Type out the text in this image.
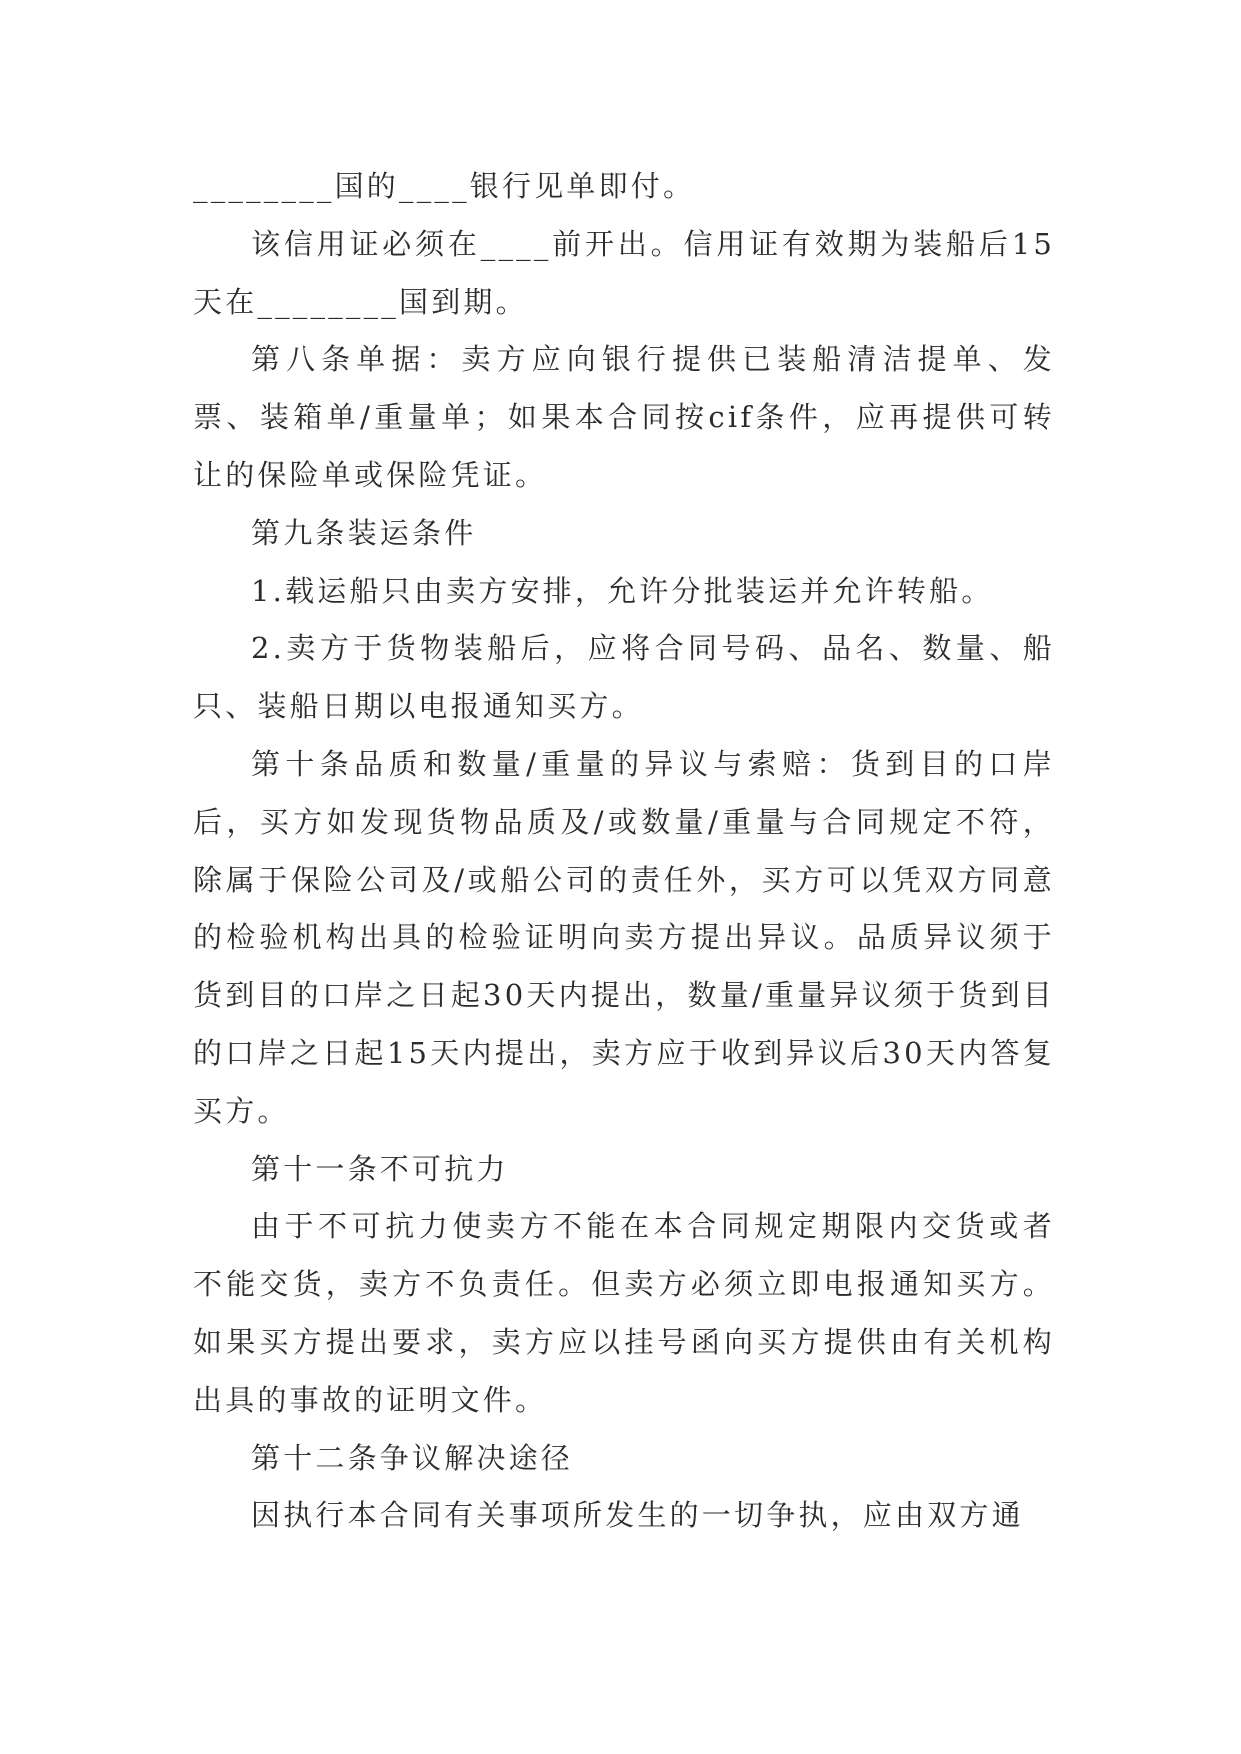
________国的____银行见单即付。

该信用证必须在____前开出。信用证有效期为装船后15天在________国到期。

第八条单据：卖方应向银行提供已装船清洁提单、发票、装箱单/重量单；如果本合同按cif条件，应再提供可转让的保险单或保险凭证。

第九条装运条件

1.载运船只由卖方安排，允许分批装运并允许转船。

2.卖方于货物装船后，应将合同号码、品名、数量、船只、装船日期以电报通知买方。

第十条品质和数量/重量的异议与索赔：货到目的口岸后，买方如发现货物品质及/或数量/重量与合同规定不符，除属于保险公司及/或船公司的责任外，买方可以凭双方同意的检验机构出具的检验证明向卖方提出异议。品质异议须于货到目的口岸之日起30天内提出，数量/重量异议须于货到目的口岸之日起15天内提出，卖方应于收到异议后30天内答复买方。

第十一条不可抗力

由于不可抗力使卖方不能在本合同规定期限内交货或者不能交货，卖方不负责任。但卖方必须立即电报通知买方。如果买方提出要求，卖方应以挂号函向买方提供由有关机构出具的事故的证明文件。

第十二条争议解决途径

因执行本合同有关事项所发生的一切争执，应由双方通
